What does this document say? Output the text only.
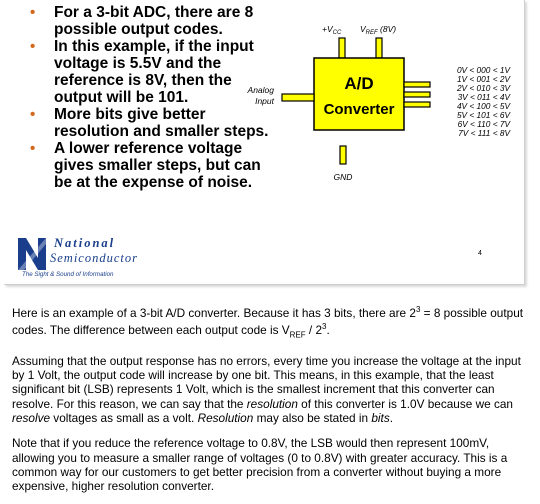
• For a 3-bit ADC, there are 8 possible output codes.
• In this example, if the input voltage is 5.5V and the reference is 8V, then the output will be 101.
• More bits give better resolution and smaller steps.
• A lower reference voltage gives smaller steps, but can be at the expense of noise.
$+V_{CC}$ $V_{REF}$ (8V)
A/D
Converter
Analog
Input
GND
0V < 000 < 1V
1V < 001 < 2V
2V < 010 < 3V
3V < 011 < 4V
4V < 100 < 5V
5V < 101 < 6V
6V < 110 < 7V
7V < 111 < 8V
National
Semiconductor
The Sight & Sound of Information
4

Here is an example of a 3-bit A/D converter. Because it has 3 bits, there are $2^3 = 8$ possible output codes. The difference between each output code is $V_{REF} / 2^3$.

Assuming that the output response has no errors, every time you increase the voltage at the input by 1 Volt, the output code will increase by one bit. This means, in this example, that the least significant bit (LSB) represents 1 Volt, which is the smallest increment that this converter can resolve. For this reason, we can say that the resolution of this converter is 1.0V because we can resolve voltages as small as a volt. Resolution may also be stated in bits.

Note that if you reduce the reference voltage to 0.8V, the LSB would then represent 100mV, allowing you to measure a smaller range of voltages (0 to 0.8V) with greater accuracy. This is a common way for our customers to get better precision from a converter without buying a more expensive, higher resolution converter.
